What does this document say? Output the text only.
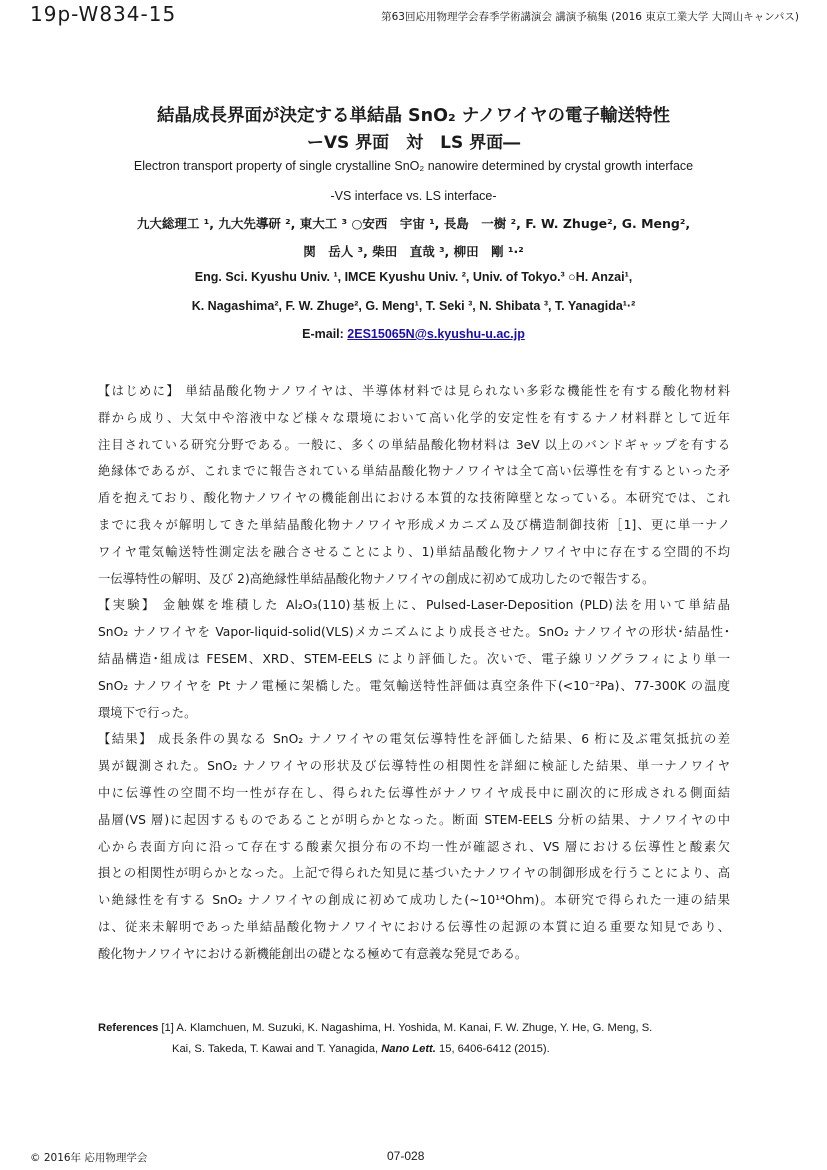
19p-W834-15	第63回応用物理学会春季学術講演会 講演予稿集 (2016 東京工業大学 大岡山キャンパス)
結晶成長界面が決定する単結晶 SnO₂ ナノワイヤの電子輸送特性
ーVS 界面　対　LS 界面―
Electron transport property of single crystalline SnO₂ nanowire determined by crystal growth interface
-VS interface vs. LS interface-
九大総理工 ¹, 九大先導研 ², 東大工 ³ ○安西　宇宙 ¹, 長島　一樹 ², F. W. Zhuge², G. Meng²,
関　岳人 ³, 柴田　直哉 ³, 柳田　剛 ¹·²
Eng. Sci. Kyushu Univ. ¹, IMCE Kyushu Univ. ², Univ. of Tokyo.³ ○H. Anzai¹,
K. Nagashima², F. W. Zhuge², G. Meng¹, T. Seki ³, N. Shibata ³, T. Yanagida¹·²
E-mail: 2ES15065N@s.kyushu-u.ac.jp
【はじめに】 単結晶酸化物ナノワイヤは、半導体材料では見られない多彩な機能性を有する酸化物材料
群から成り、大気中や溶液中など様々な環境において高い化学的安定性を有するナノ材料群として近年
注目されている研究分野である。一般に、多くの単結晶酸化物材料は 3eV 以上のバンドギャップを有する
絶縁体であるが、これまでに報告されている単結晶酸化物ナノワイヤは全て高い伝導性を有するといった矛
盾を抱えており、酸化物ナノワイヤの機能創出における本質的な技術障壁となっている。本研究では、これ
までに我々が解明してきた単結晶酸化物ナノワイヤ形成メカニズム及び構造制御技術［1]、更に単一ナノ
ワイヤ電気輸送特性測定法を融合させることにより、1)単結晶酸化物ナノワイヤ中に存在する空間的不均
一伝導特性の解明、及び 2)高絶縁性単結晶酸化物ナノワイヤの創成に初めて成功したので報告する。
【実験】 金触媒を堆積した Al₂O₃(110)基板上に、Pulsed-Laser-Deposition (PLD)法を用いて単結晶
SnO₂ ナノワイヤを Vapor-liquid-solid(VLS)メカニズムにより成長させた。SnO₂ ナノワイヤの形状･結晶性･
結晶構造･組成は FESEM、XRD、STEM-EELS により評価した。次いで、電子線リソグラフィにより単一
SnO₂ ナノワイヤを Pt ナノ電極に架橋した。電気輸送特性評価は真空条件下(<10⁻²Pa)、77-300K の温度
環境下で行った。
【結果】 成長条件の異なる SnO₂ ナノワイヤの電気伝導特性を評価した結果、6 桁に及ぶ電気抵抗の差
異が観測された。SnO₂ ナノワイヤの形状及び伝導特性の相関性を詳細に検証した結果、単一ナノワイヤ
中に伝導性の空間不均一性が存在し、得られた伝導性がナノワイヤ成長中に副次的に形成される側面結
晶層(VS 層)に起因するものであることが明らかとなった。断面 STEM-EELS 分析の結果、ナノワイヤの中
心から表面方向に沿って存在する酸素欠損分布の不均一性が確認され、VS 層における伝導性と酸素欠
損との相関性が明らかとなった。上記で得られた知見に基づいたナノワイヤの制御形成を行うことにより、高
い絶縁性を有する SnO₂ ナノワイヤの創成に初めて成功した(~10¹⁴Ohm)。本研究で得られた一連の結果
は、従来未解明であった単結晶酸化物ナノワイヤにおける伝導性の起源の本質に迫る重要な知見であり、
酸化物ナノワイヤにおける新機能創出の礎となる極めて有意義な発見である。
References [1] A. Klamchuen, M. Suzuki, K. Nagashima, H. Yoshida, M. Kanai, F. W. Zhuge, Y. He, G. Meng, S.
Kai, S. Takeda, T. Kawai and T. Yanagida, Nano Lett. 15, 6406-6412 (2015).
© 2016年 応用物理学会	07-028
